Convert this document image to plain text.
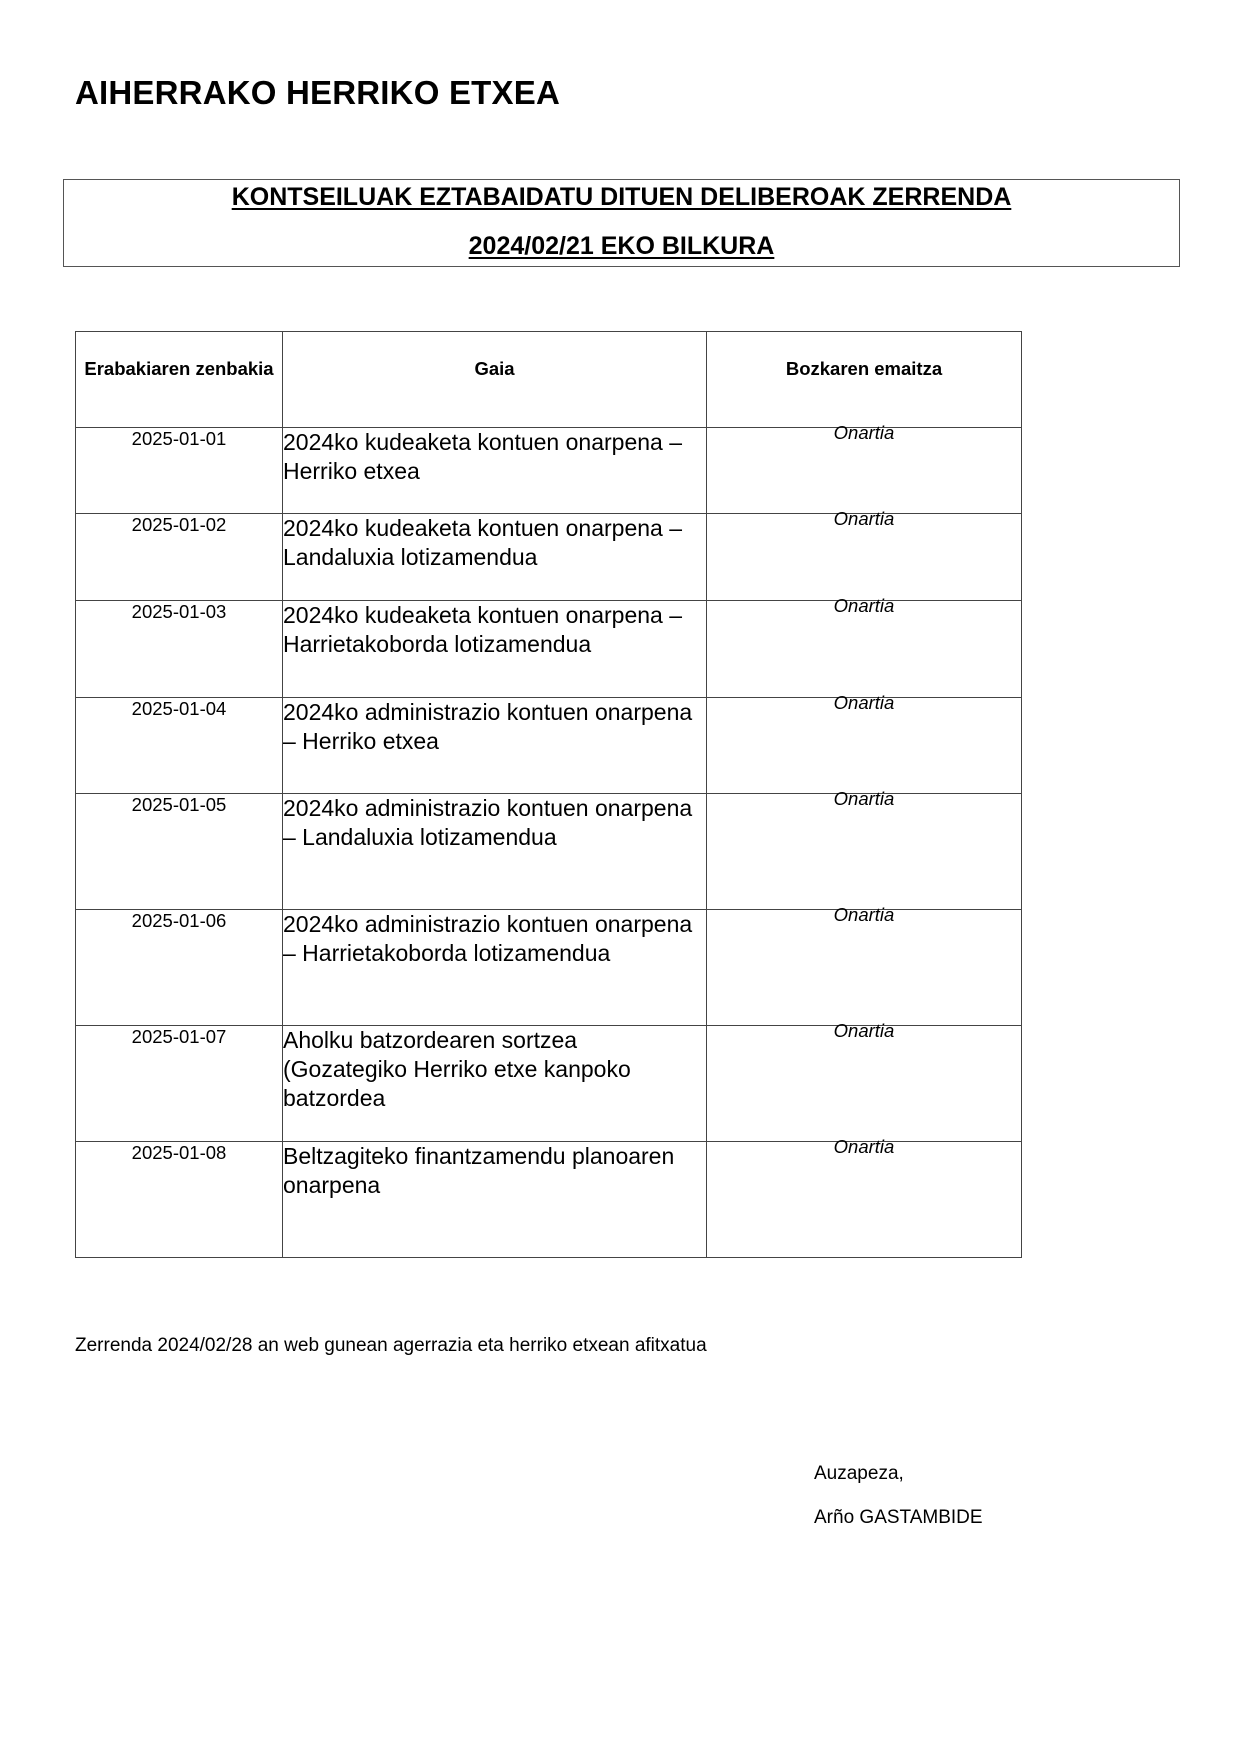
AIHERRAKO HERRIKO ETXEA
KONTSEILUAK EZTABAIDATU DITUEN DELIBEROAK ZERRENDA
2024/02/21 EKO BILKURA
Erabakiaren zenbakia	Gaia	Bozkaren emaitza
2025-01-01	2024ko kudeaketa kontuen onarpena – Herriko etxea	Onartia
2025-01-02	2024ko kudeaketa kontuen onarpena – Landaluxia lotizamendua	Onartia
2025-01-03	2024ko kudeaketa kontuen onarpena – Harrietakoborda lotizamendua	Onartia
2025-01-04	2024ko administrazio kontuen onarpena – Herriko etxea	Onartia
2025-01-05	2024ko administrazio kontuen onarpena – Landaluxia lotizamendua	Onartia
2025-01-06	2024ko administrazio kontuen onarpena – Harrietakoborda lotizamendua	Onartia
2025-01-07	Aholku batzordearen sortzea (Gozategiko Herriko etxe kanpoko batzordea	Onartia
2025-01-08	Beltzagiteko finantzamendu planoaren onarpena	Onartia
Zerrenda 2024/02/28 an web gunean agerrazia eta herriko etxean afitxatua
Auzapeza,
Arño GASTAMBIDE
